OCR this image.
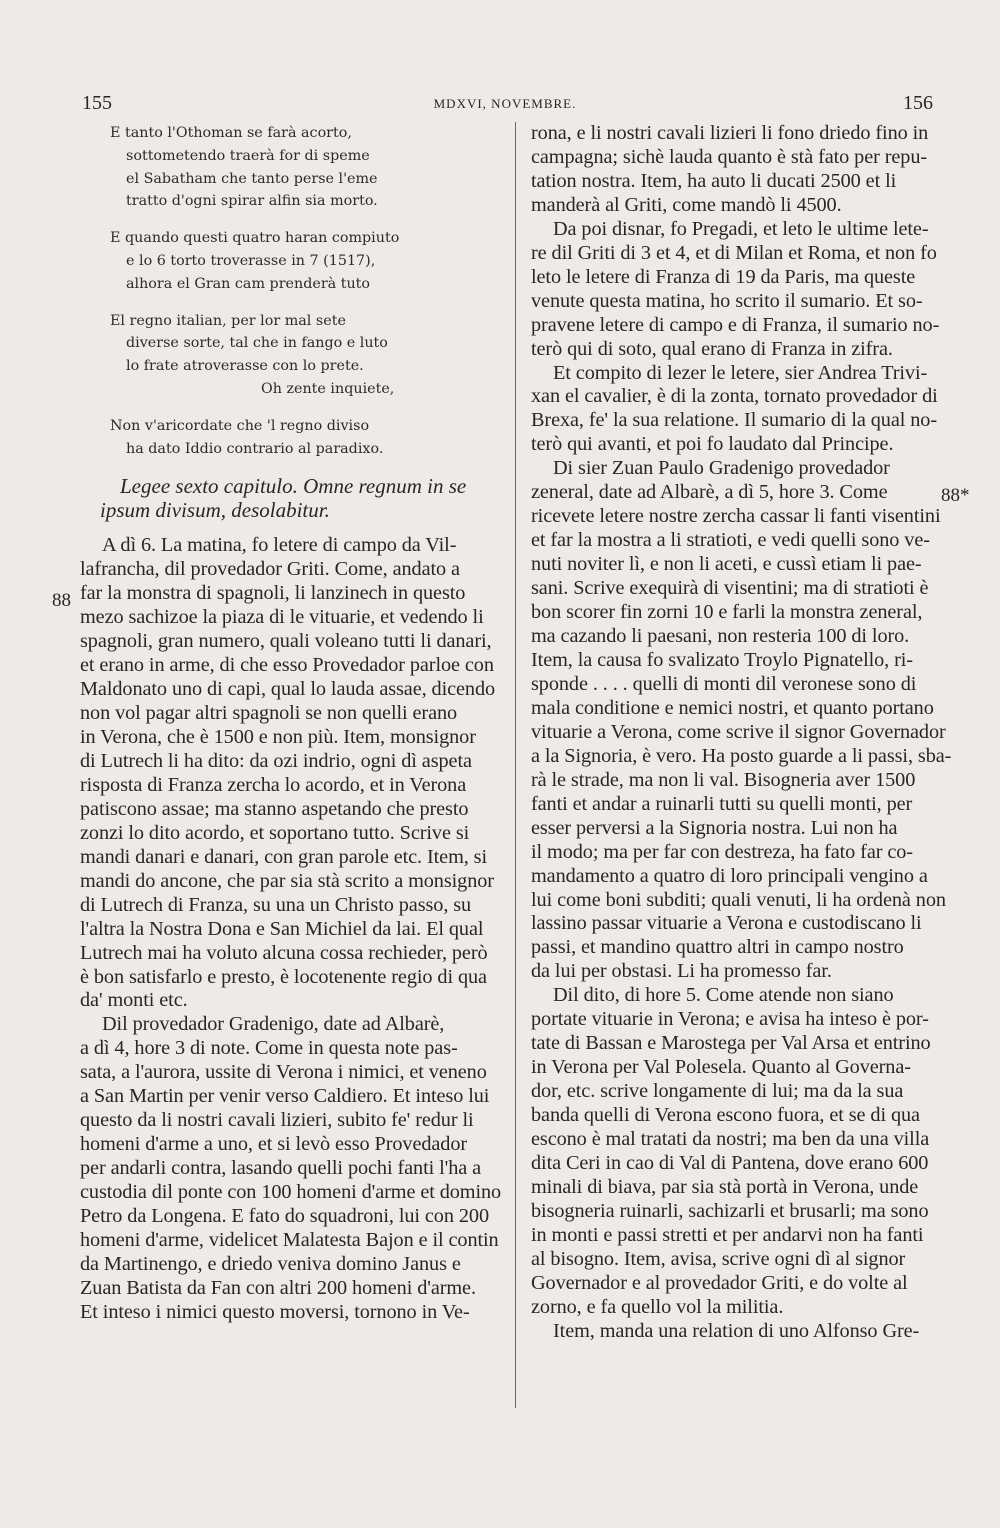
155	MDXVI, NOVEMBRE.	156
88
88*
E tanto l'Othoman se farà acorto,
sottometendo traerà for di speme
el Sabatham che tanto perse l'eme
tratto d'ogni spirar alfin sia morto.
E quando questi quatro haran compiuto
e lo 6 torto troverasse in 7 (1517),
alhora el Gran cam prenderà tuto
El regno italian, per lor mal sete
diverse sorte, tal che in fango e luto
lo frate atroverasse con lo prete.
Oh zente inquiete,
Non v'aricordate che 'l regno diviso
ha dato Iddio contrario al paradixo.
Legee sexto capitulo. Omne regnum in se
ipsum divisum, desolabitur.
A dì 6. La matina, fo letere di campo da Vil-
lafrancha, dil provedador Griti. Come, andato a
far la monstra di spagnoli, li lanzinech in questo
mezo sachizoe la piaza di le vituarie, et vedendo li
spagnoli, gran numero, quali voleano tutti li danari,
et erano in arme, di che esso Provedador parloe con
Maldonato uno di capi, qual lo lauda assae, dicendo
non vol pagar altri spagnoli se non quelli erano
in Verona, che è 1500 e non più. Item, monsignor
di Lutrech li ha dito: da ozi indrio, ogni dì aspeta
risposta di Franza zercha lo acordo, et in Verona
patiscono assae; ma stanno aspetando che presto
zonzi lo dito acordo, et soportano tutto. Scrive si
mandi danari e danari, con gran parole etc. Item, si
mandi do ancone, che par sia stà scrito a monsignor
di Lutrech di Franza, su una un Christo passo, su
l'altra la Nostra Dona e San Michiel da lai. El qual
Lutrech mai ha voluto alcuna cossa rechieder, però
è bon satisfarlo e presto, è locotenente regio di qua
da' monti etc.
Dil provedador Gradenigo, date ad Albarè,
a dì 4, hore 3 di note. Come in questa note pas-
sata, a l'aurora, ussite di Verona i nimici, et veneno
a San Martin per venir verso Caldiero. Et inteso lui
questo da li nostri cavali lizieri, subito fe' redur li
homeni d'arme a uno, et si levò esso Provedador
per andarli contra, lasando quelli pochi fanti l'ha a
custodia dil ponte con 100 homeni d'arme et domino
Petro da Longena. E fato do squadroni, lui con 200
homeni d'arme, videlicet Malatesta Bajon e il contin
da Martinengo, e driedo veniva domino Janus e
Zuan Batista da Fan con altri 200 homeni d'arme.
Et inteso i nimici questo moversi, tornono in Ve-
rona, e li nostri cavali lizieri li fono driedo fino in
campagna; sichè lauda quanto è stà fato per repu-
tation nostra. Item, ha auto li ducati 2500 et li
manderà al Griti, come mandò li 4500.
Da poi disnar, fo Pregadi, et leto le ultime lete-
re dil Griti di 3 et 4, et di Milan et Roma, et non fo
leto le letere di Franza di 19 da Paris, ma queste
venute questa matina, ho scrito il sumario. Et so-
pravene letere di campo e di Franza, il sumario no-
terò qui di soto, qual erano di Franza in zifra.
Et compito di lezer le letere, sier Andrea Trivi-
xan el cavalier, è di la zonta, tornato provedador di
Brexa, fe' la sua relatione. Il sumario di la qual no-
terò qui avanti, et poi fo laudato dal Principe.
Di sier Zuan Paulo Gradenigo provedador
zeneral, date ad Albarè, a dì 5, hore 3. Come
ricevete letere nostre zercha cassar li fanti visentini
et far la mostra a li stratioti, e vedi quelli sono ve-
nuti noviter lì, e non li aceti, e cussì etiam li pae-
sani. Scrive exequirà di visentini; ma di stratioti è
bon scorer fin zorni 10 e farli la monstra zeneral,
ma cazando li paesani, non resteria 100 di loro.
Item, la causa fo svalizato Troylo Pignatello, ri-
sponde . . . . quelli di monti dil veronese sono di
mala conditione e nemici nostri, et quanto portano
vituarie a Verona, come scrive il signor Governador
a la Signoria, è vero. Ha posto guarde a li passi, sba-
rà le strade, ma non li val. Bisogneria aver 1500
fanti et andar a ruinarli tutti su quelli monti, per
esser perversi a la Signoria nostra. Lui non ha
il modo; ma per far con destreza, ha fato far co-
mandamento a quatro di loro principali vengino a
lui come boni subditi; quali venuti, li ha ordenà non
lassino passar vituarie a Verona e custodiscano li
passi, et mandino quattro altri in campo nostro
da lui per obstasi. Li ha promesso far.
Dil dito, di hore 5. Come atende non siano
portate vituarie in Verona; e avisa ha inteso è por-
tate di Bassan e Marostega per Val Arsa et entrino
in Verona per Val Polesela. Quanto al Governa-
dor, etc. scrive longamente di lui; ma da la sua
banda quelli di Verona escono fuora, et se di qua
escono è mal tratati da nostri; ma ben da una villa
dita Ceri in cao di Val di Pantena, dove erano 600
minali di biava, par sia stà portà in Verona, unde
bisogneria ruinarli, sachizarli et brusarli; ma sono
in monti e passi stretti et per andarvi non ha fanti
al bisogno. Item, avisa, scrive ogni dì al signor
Governador e al provedador Griti, e do volte al
zorno, e fa quello vol la militia.
Item, manda una relation di uno Alfonso Gre-
